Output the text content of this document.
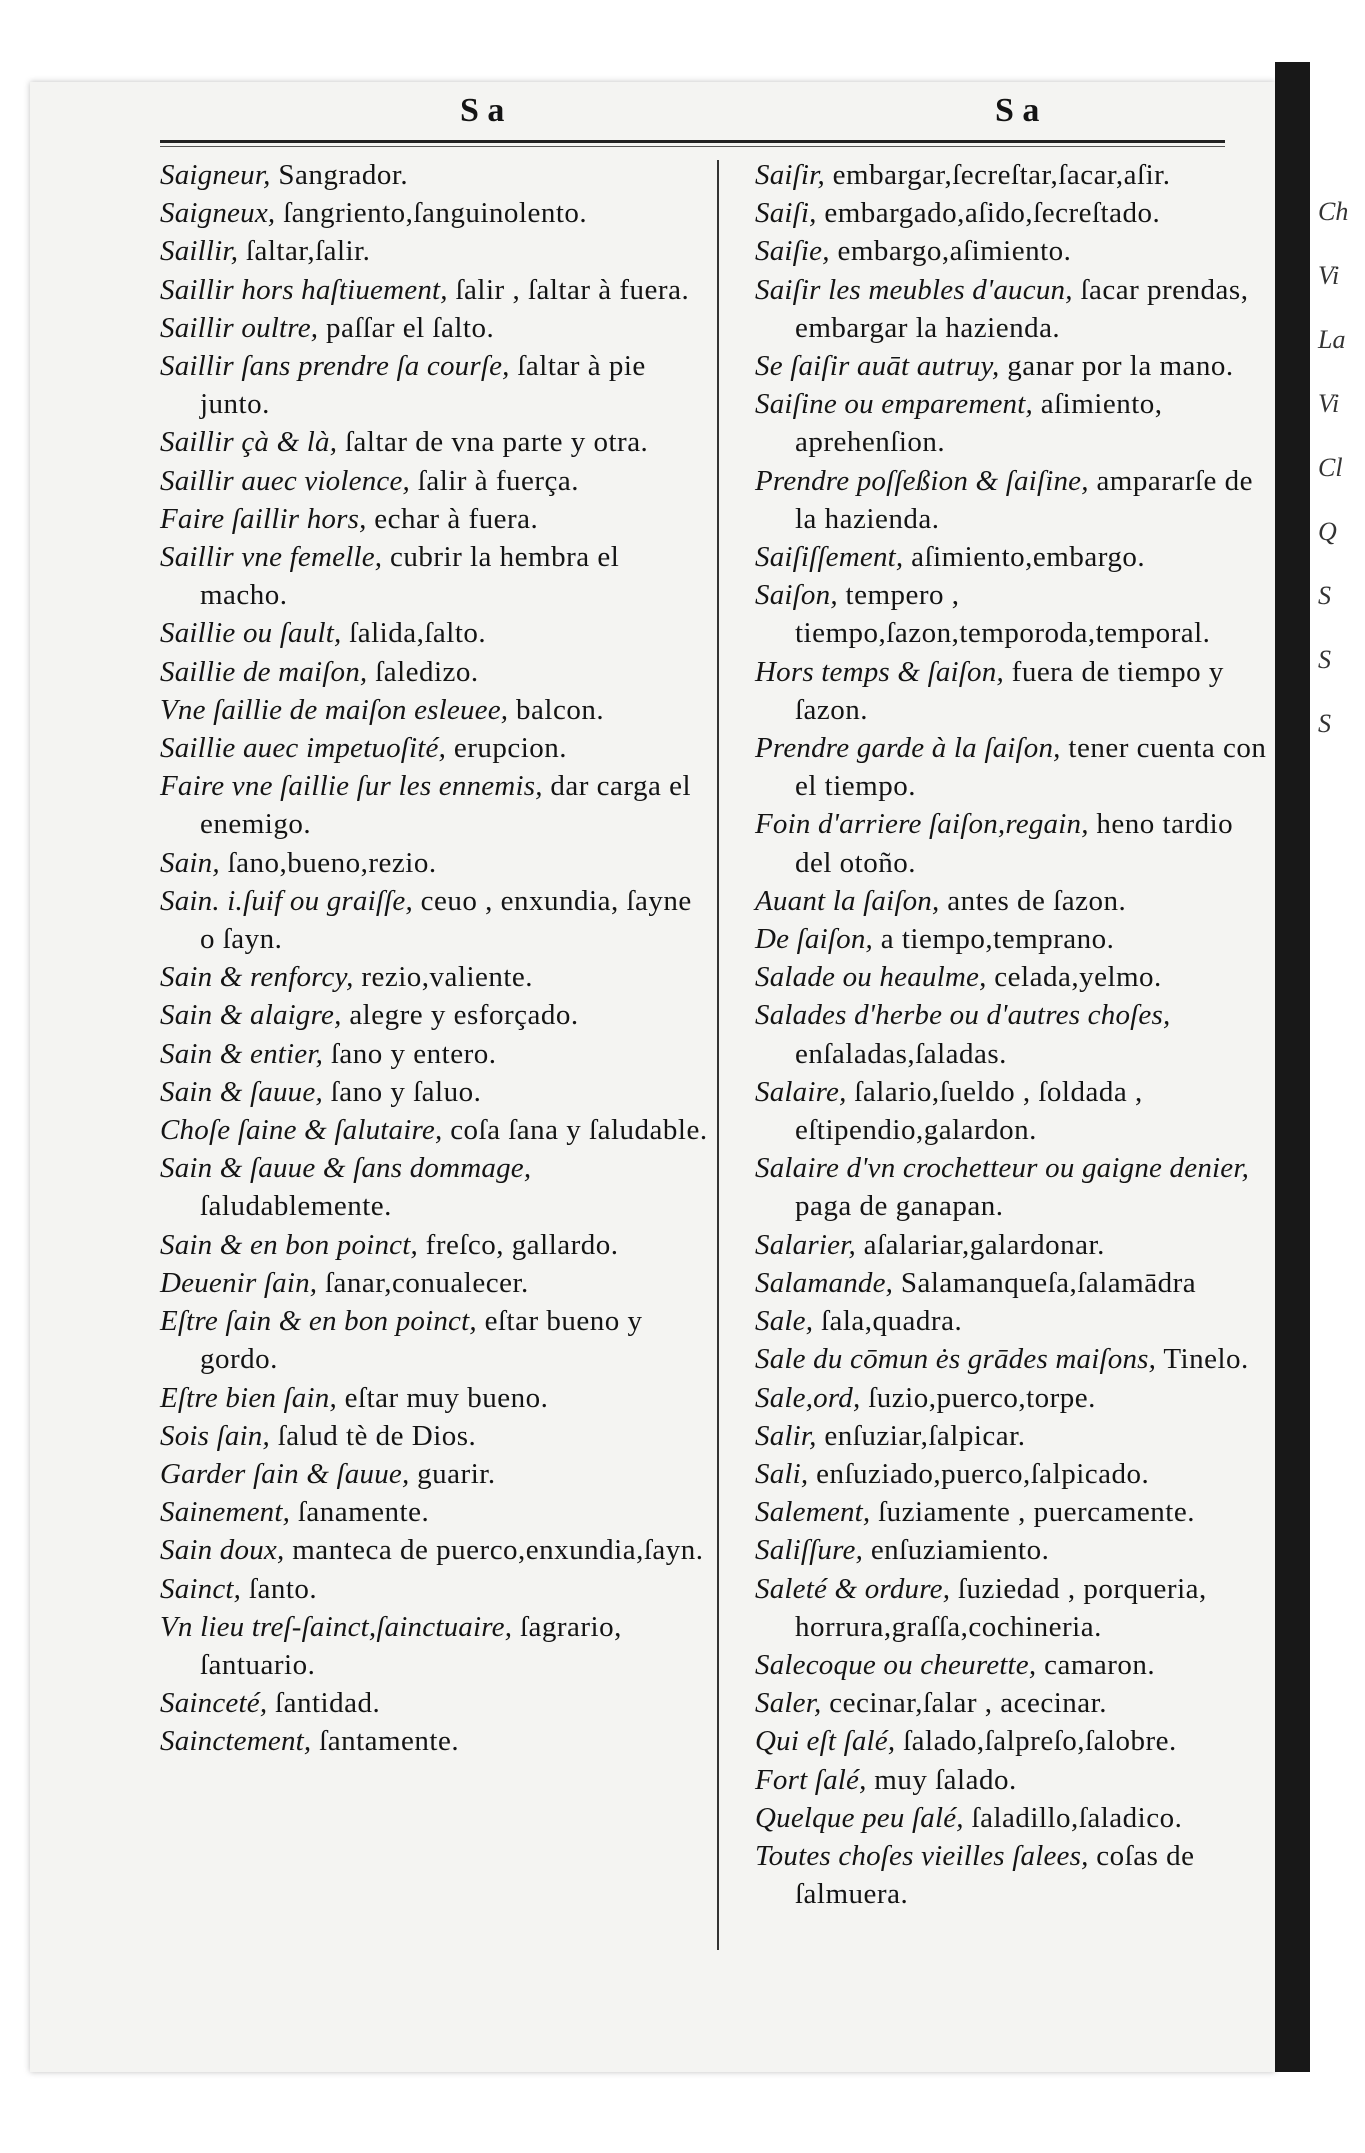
Ch
Vi
La
Vi
Cl
Q
S
S
S
S a	S a

Saigneur, Sangrador.

Saigneux, ſangriento,ſanguinolento.

Saillir, ſaltar,ſalir.

Saillir hors haſtiuement, ſalir , ſaltar à fuera.

Saillir oultre, paſſar el ſalto.

Saillir ſans prendre ſa courſe, ſaltar à pie junto.

Saillir çà & là, ſaltar de vna parte y otra.

Saillir auec violence, ſalir à fuerça.

Faire ſaillir hors, echar à fuera.

Saillir vne femelle, cubrir la hembra el macho.

Saillie ou ſault, ſalida,ſalto.

Saillie de maiſon, ſaledizo.

Vne ſaillie de maiſon esleuee, balcon.

Saillie auec impetuoſité, erupcion.

Faire vne ſaillie ſur les ennemis, dar carga el enemigo.

Sain, ſano,bueno,rezio.

Sain. i.ſuif ou graiſſe, ceuo , enxundia, ſayne o ſayn.

Sain & renforcy, rezio,valiente.

Sain & alaigre, alegre y esforçado.

Sain & entier, ſano y entero.

Sain & ſauue, ſano y ſaluo.

Choſe ſaine & ſalutaire, coſa ſana y ſaludable.

Sain & ſauue & ſans dommage, ſaludablemente.

Sain & en bon poinct, freſco, gallardo.

Deuenir ſain, ſanar,conualecer.

Eſtre ſain & en bon poinct, eſtar bueno y gordo.

Eſtre bien ſain, eſtar muy bueno.

Sois ſain, ſalud tè de Dios.

Garder ſain & ſauue, guarir.

Sainement, ſanamente.

Sain doux, manteca de puerco,enxundia,ſayn.

Sainct, ſanto.

Vn lieu treſ-ſainct,ſainctuaire, ſagrario, ſantuario.

Sainceté, ſantidad.

Sainctement, ſantamente.

Saiſir, embargar,ſecreſtar,ſacar,aſir.

Saiſi, embargado,aſido,ſecreſtado.

Saiſie, embargo,aſimiento.

Saiſir les meubles d'aucun, ſacar prendas, embargar la hazienda.

Se ſaiſir auāt autruy, ganar por la mano.

Saiſine ou emparement, aſimiento, aprehenſion.

Prendre poſſeßion & ſaiſine, ampararſe de la hazienda.

Saiſiſſement, aſimiento,embargo.

Saiſon, tempero , tiempo,ſazon,temporoda,temporal.

Hors temps & ſaiſon, fuera de tiempo y ſazon.

Prendre garde à la ſaiſon, tener cuenta con el tiempo.

Foin d'arriere ſaiſon,regain, heno tardio del otoño.

Auant la ſaiſon, antes de ſazon.

De ſaiſon, a tiempo,temprano.

Salade ou heaulme, celada,yelmo.

Salades d'herbe ou d'autres choſes, enſaladas,ſaladas.

Salaire, ſalario,ſueldo , ſoldada , eſtipendio,galardon.

Salaire d'vn crochetteur ou gaigne denier, paga de ganapan.

Salarier, aſalariar,galardonar.

Salamande, Salamanqueſa,ſalamādra

Sale, ſala,quadra.

Sale du cōmun ės grādes maiſons, Tinelo.

Sale,ord, ſuzio,puerco,torpe.

Salir, enſuziar,ſalpicar.

Sali, enſuziado,puerco,ſalpicado.

Salement, ſuziamente , puercamente.

Saliſſure, enſuziamiento.

Saleté & ordure, ſuziedad , porqueria, horrura,graſſa,cochineria.

Salecoque ou cheurette, camaron.

Saler, cecinar,ſalar , acecinar.

Qui eſt ſalé, ſalado,ſalpreſo,ſalobre.

Fort ſalé, muy ſalado.

Quelque peu ſalé, ſaladillo,ſaladico.

Toutes choſes vieilles ſalees, coſas de ſalmuera.
